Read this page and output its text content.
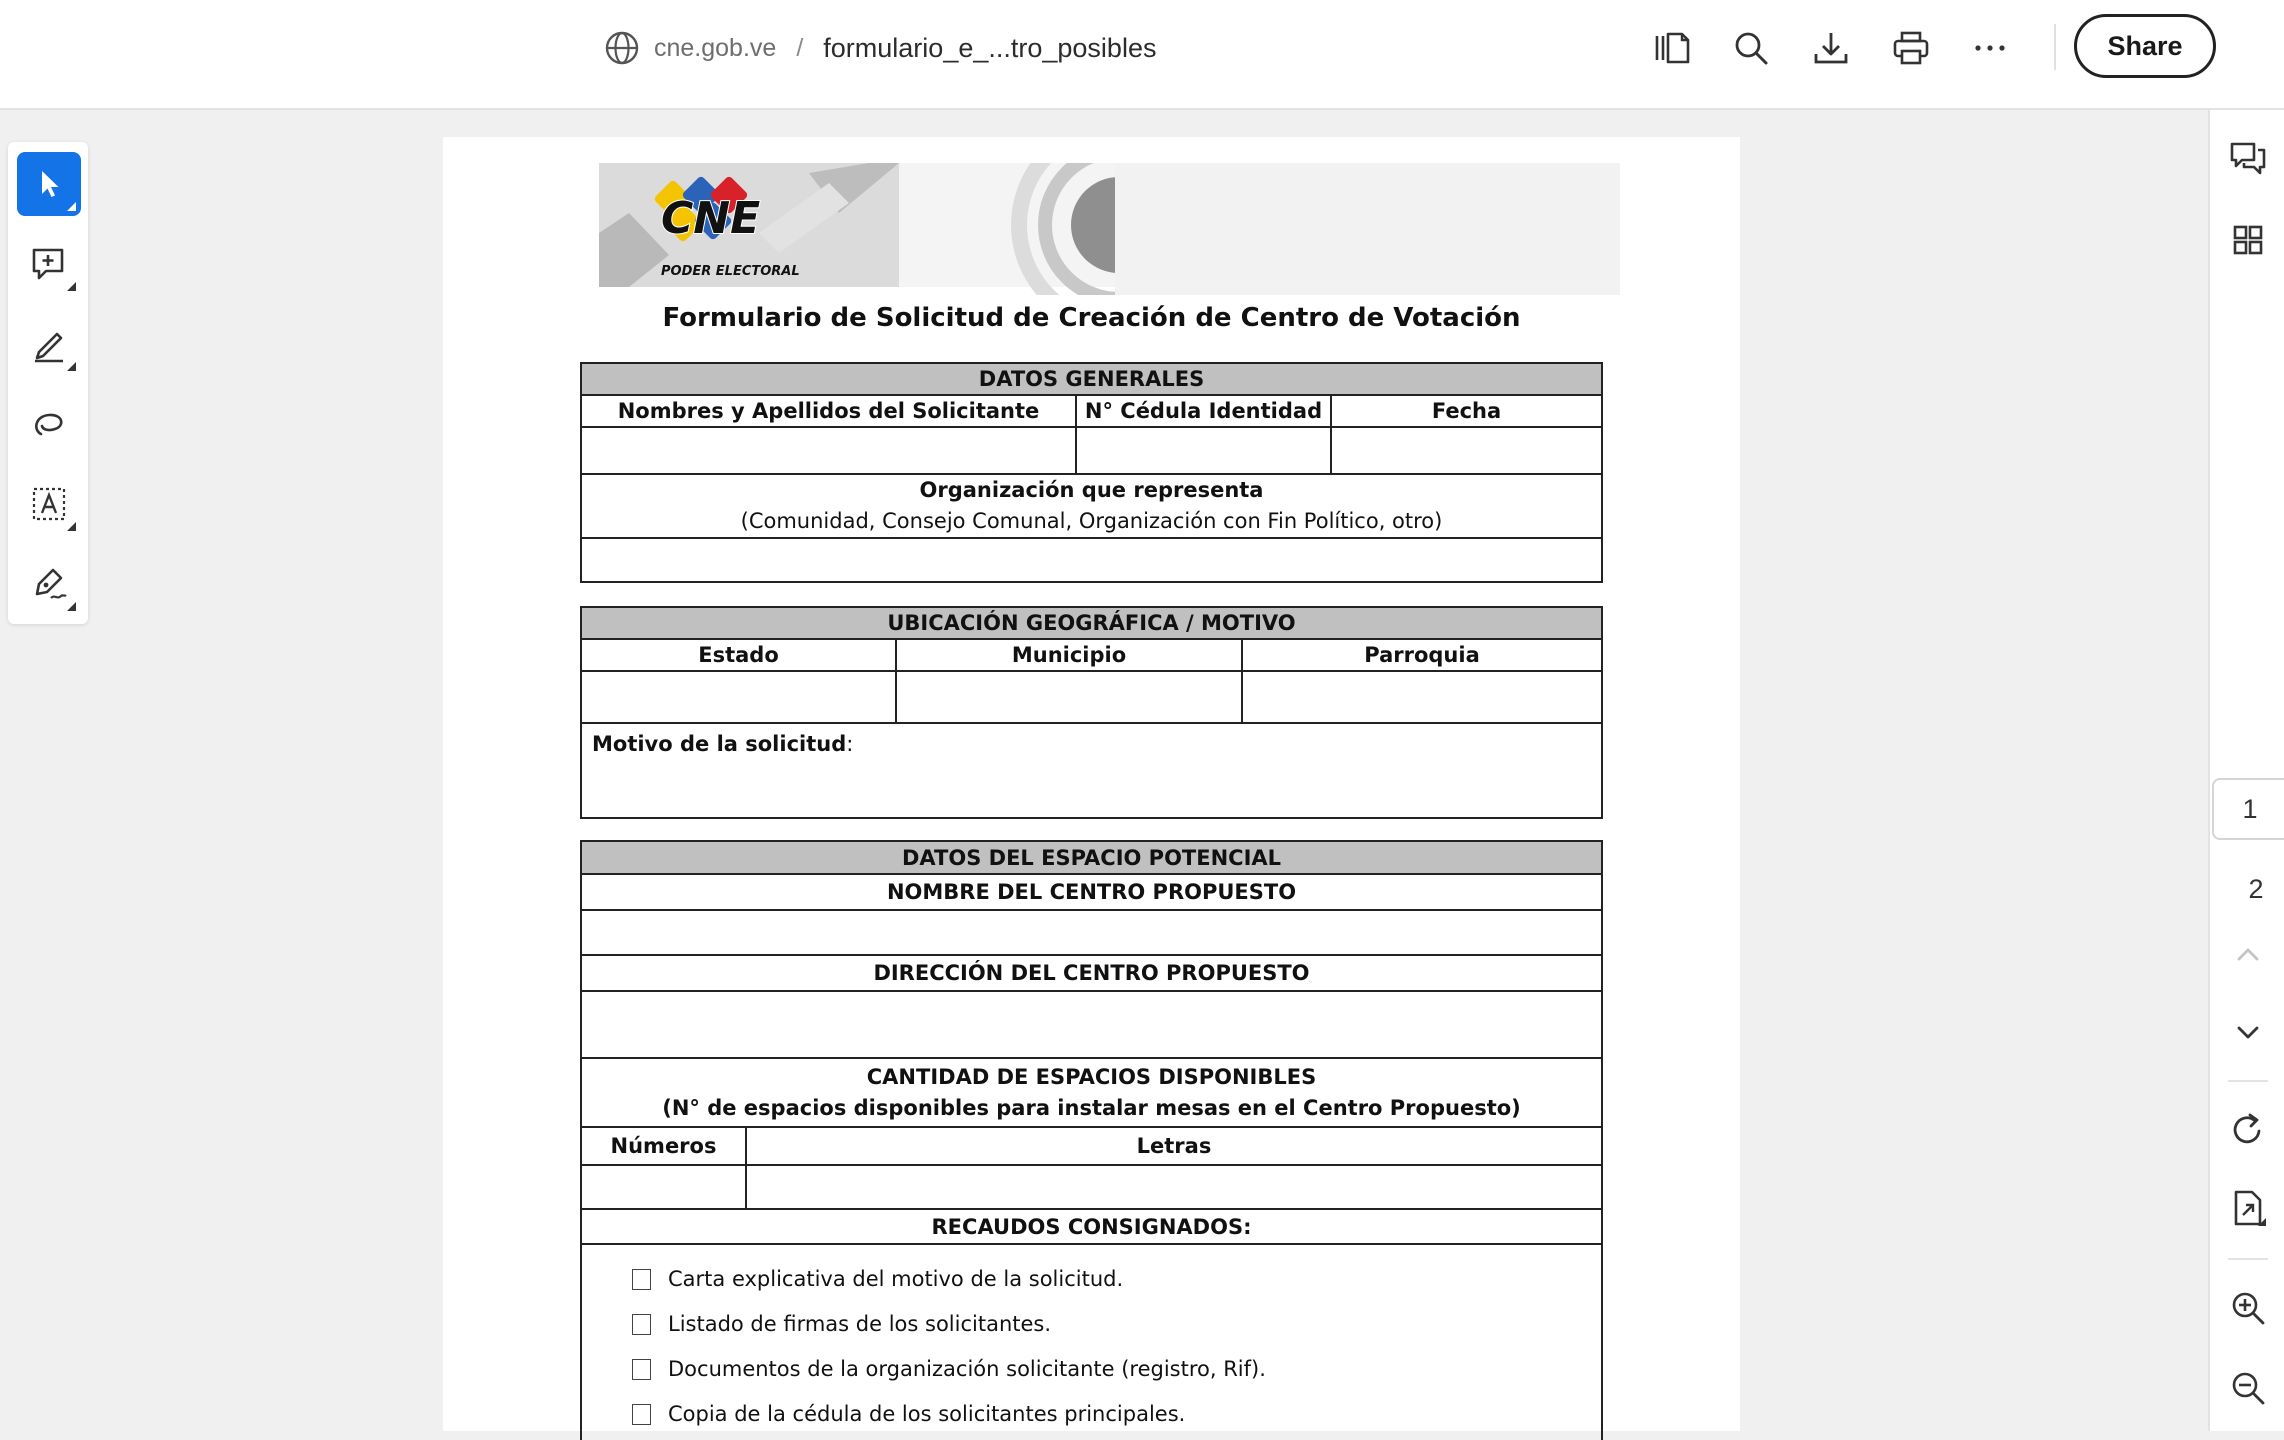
cne.gob.ve / formulario_e_...tro_posibles	Share
1
2
CNE
PODER ELECTORAL
Formulario de Solicitud de Creación de Centro de Votación
DATOS GENERALES
Nombres y Apellidos del Solicitante	N° Cédula Identidad	Fecha
Organización que representa
(Comunidad, Consejo Comunal, Organización con Fin Político, otro)
UBICACIÓN GEOGRÁFICA / MOTIVO
Estado	Municipio	Parroquia
Motivo de la solicitud :
DATOS DEL ESPACIO POTENCIAL
NOMBRE DEL CENTRO PROPUESTO
DIRECCIÓN DEL CENTRO PROPUESTO
CANTIDAD DE ESPACIOS DISPONIBLES
(N° de espacios disponibles para instalar mesas en el Centro Propuesto)
Números	Letras
RECAUDOS CONSIGNADOS:
Carta explicativa del motivo de la solicitud.
Listado de firmas de los solicitantes.
Documentos de la organización solicitante (registro, Rif).
Copia de la cédula de los solicitantes principales.
